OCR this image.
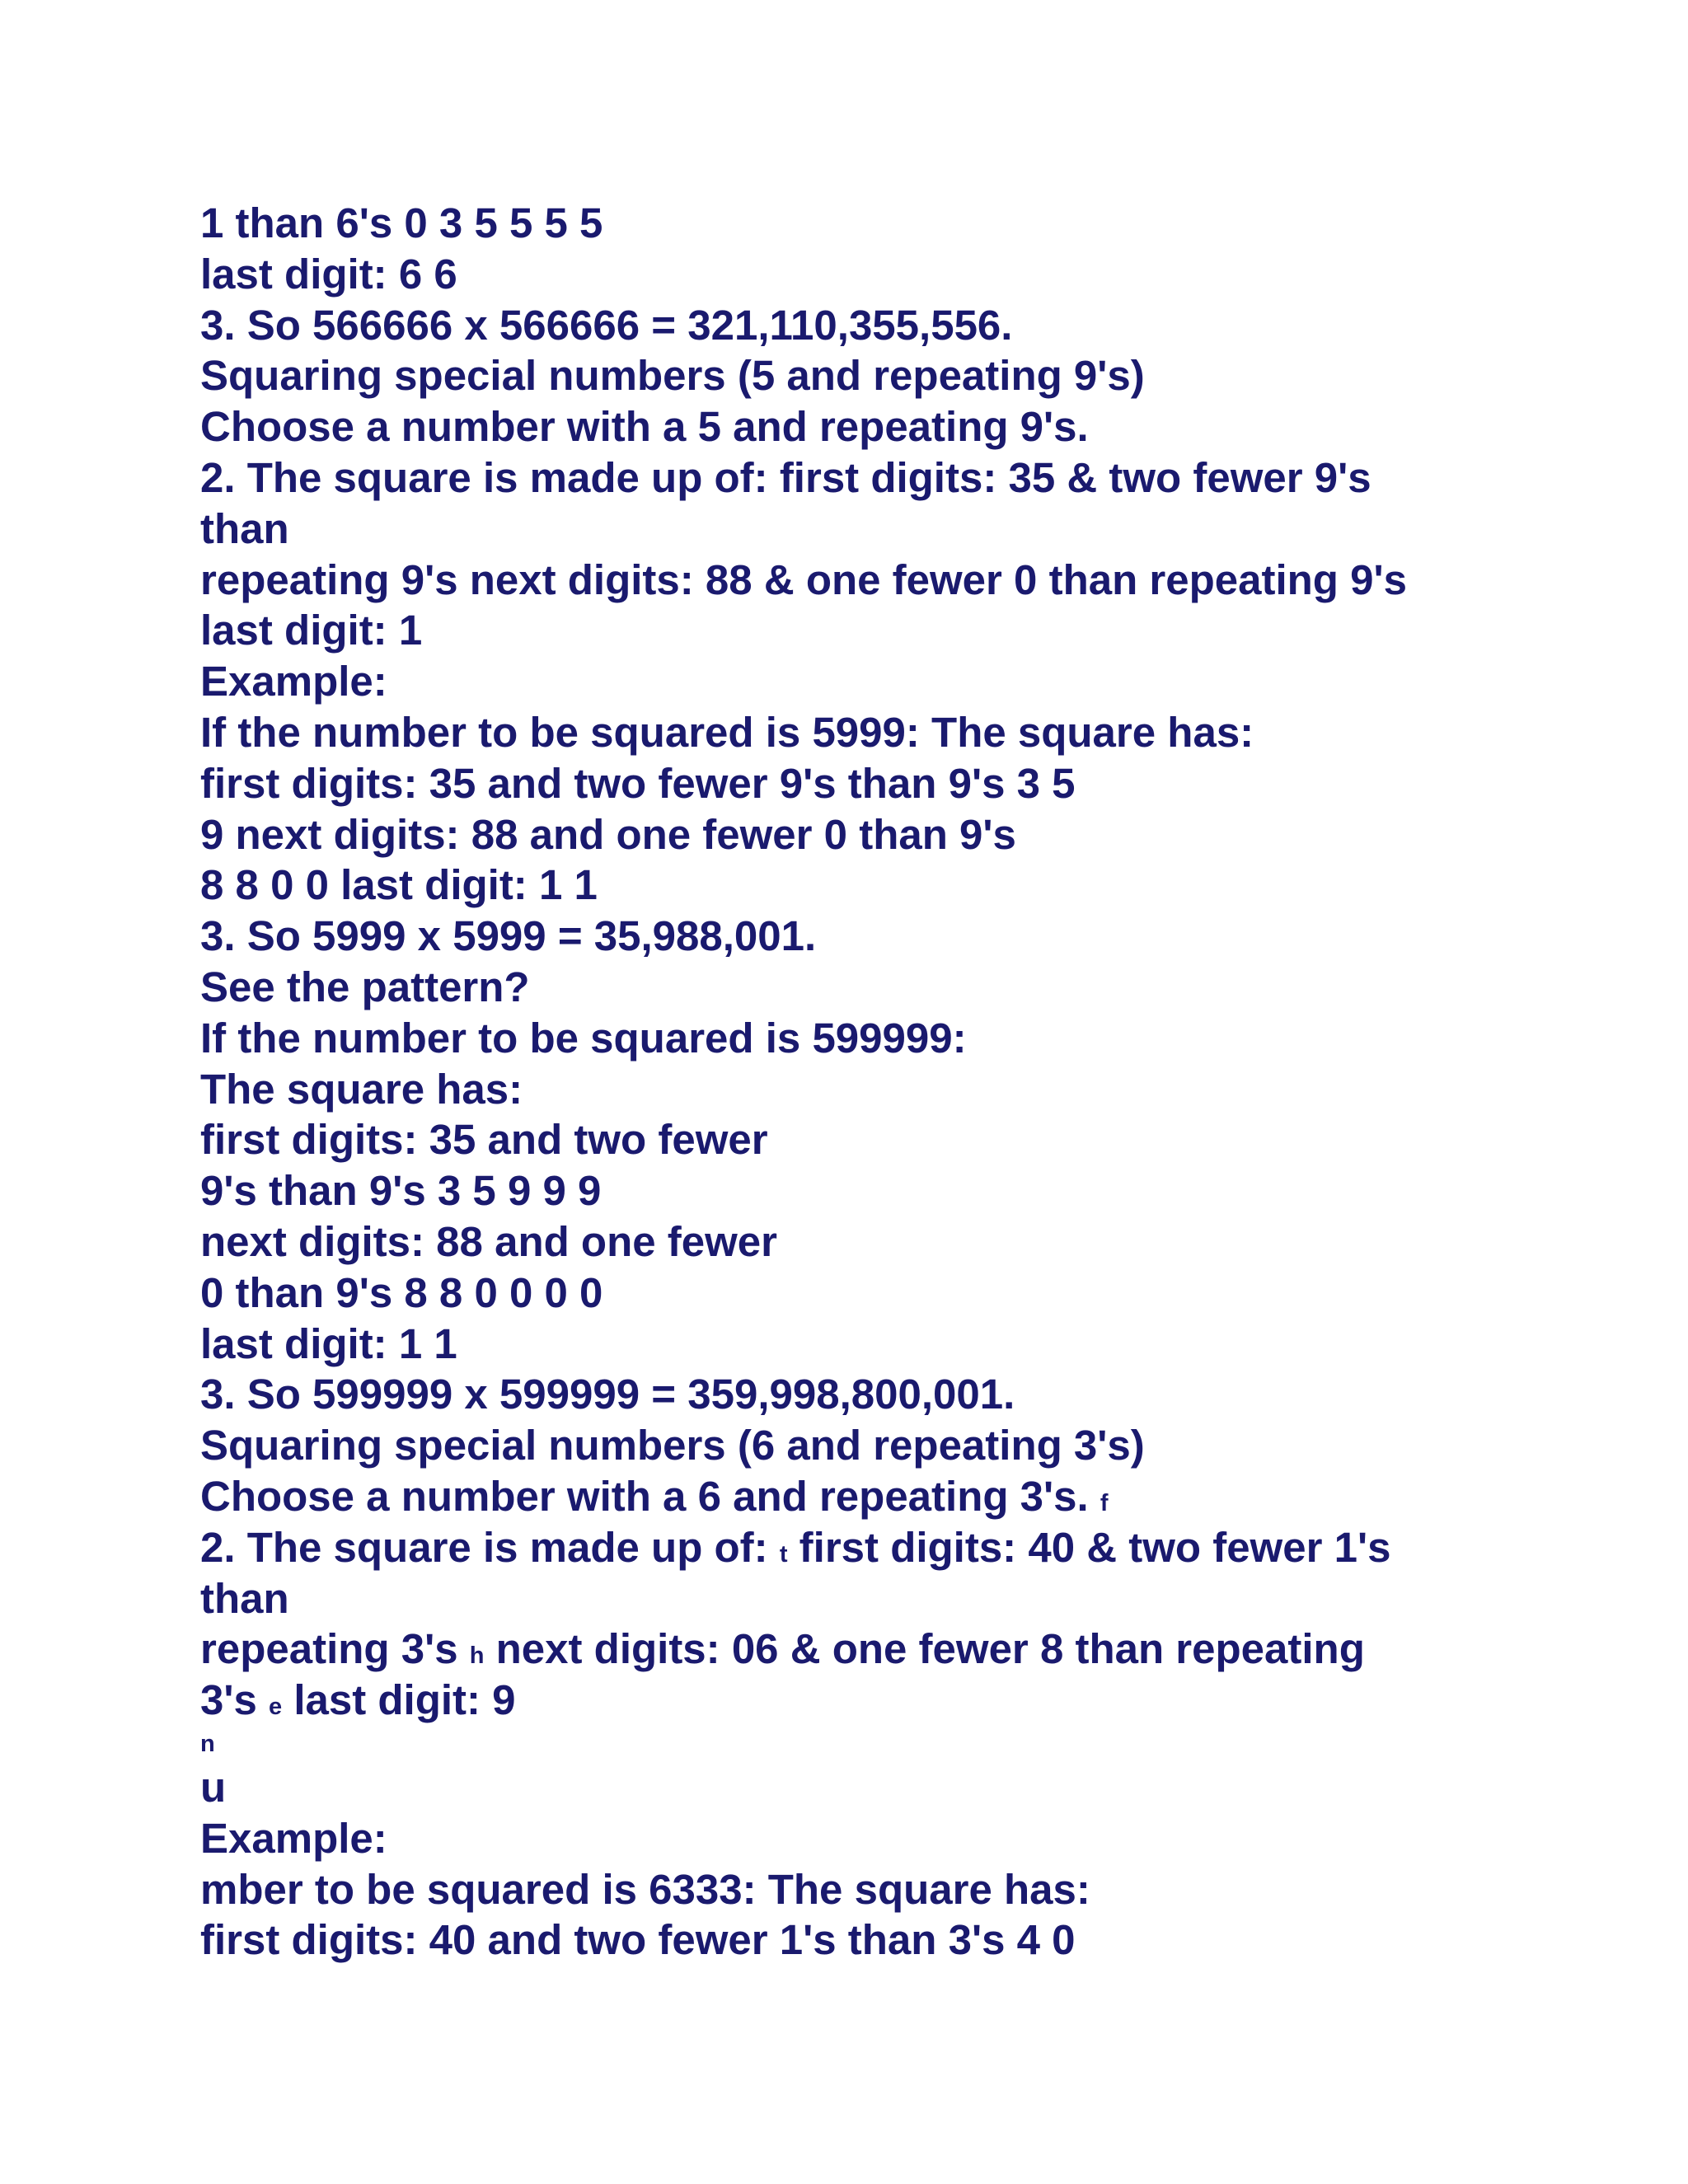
1 than 6's 0 3 5 5 5 5
last digit: 6 6
3. So 566666 x 566666 = 321,110,355,556.
Squaring special numbers (5 and repeating 9's)
Choose a number with a 5 and repeating 9's.
2. The square is made up of: first digits: 35 & two fewer 9's
than
repeating 9's next digits: 88 & one fewer 0 than repeating 9's
last digit: 1
Example:
If the number to be squared is 5999: The square has:
first digits: 35 and two fewer 9's than 9's 3 5
9 next digits: 88 and one fewer 0 than 9's
8 8 0 0 last digit: 1 1
3. So 5999 x 5999 = 35,988,001.
See the pattern?
If the number to be squared is 599999:
The square has:
first digits: 35 and two fewer
9's than 9's 3 5 9 9 9
next digits: 88 and one fewer
0 than 9's 8 8 0 0 0 0
last digit: 1 1
3. So 599999 x 599999 = 359,998,800,001.
Squaring special numbers (6 and repeating 3's)
Choose a number with a 6 and repeating 3's. f
2. The square is made up of: t first digits: 40 & two fewer 1's
than
repeating 3's h next digits: 06 & one fewer 8 than repeating
3's e last digit: 9
n
u
Example:
mber to be squared is 6333: The square has:
first digits: 40 and two fewer 1's than 3's 4 0
